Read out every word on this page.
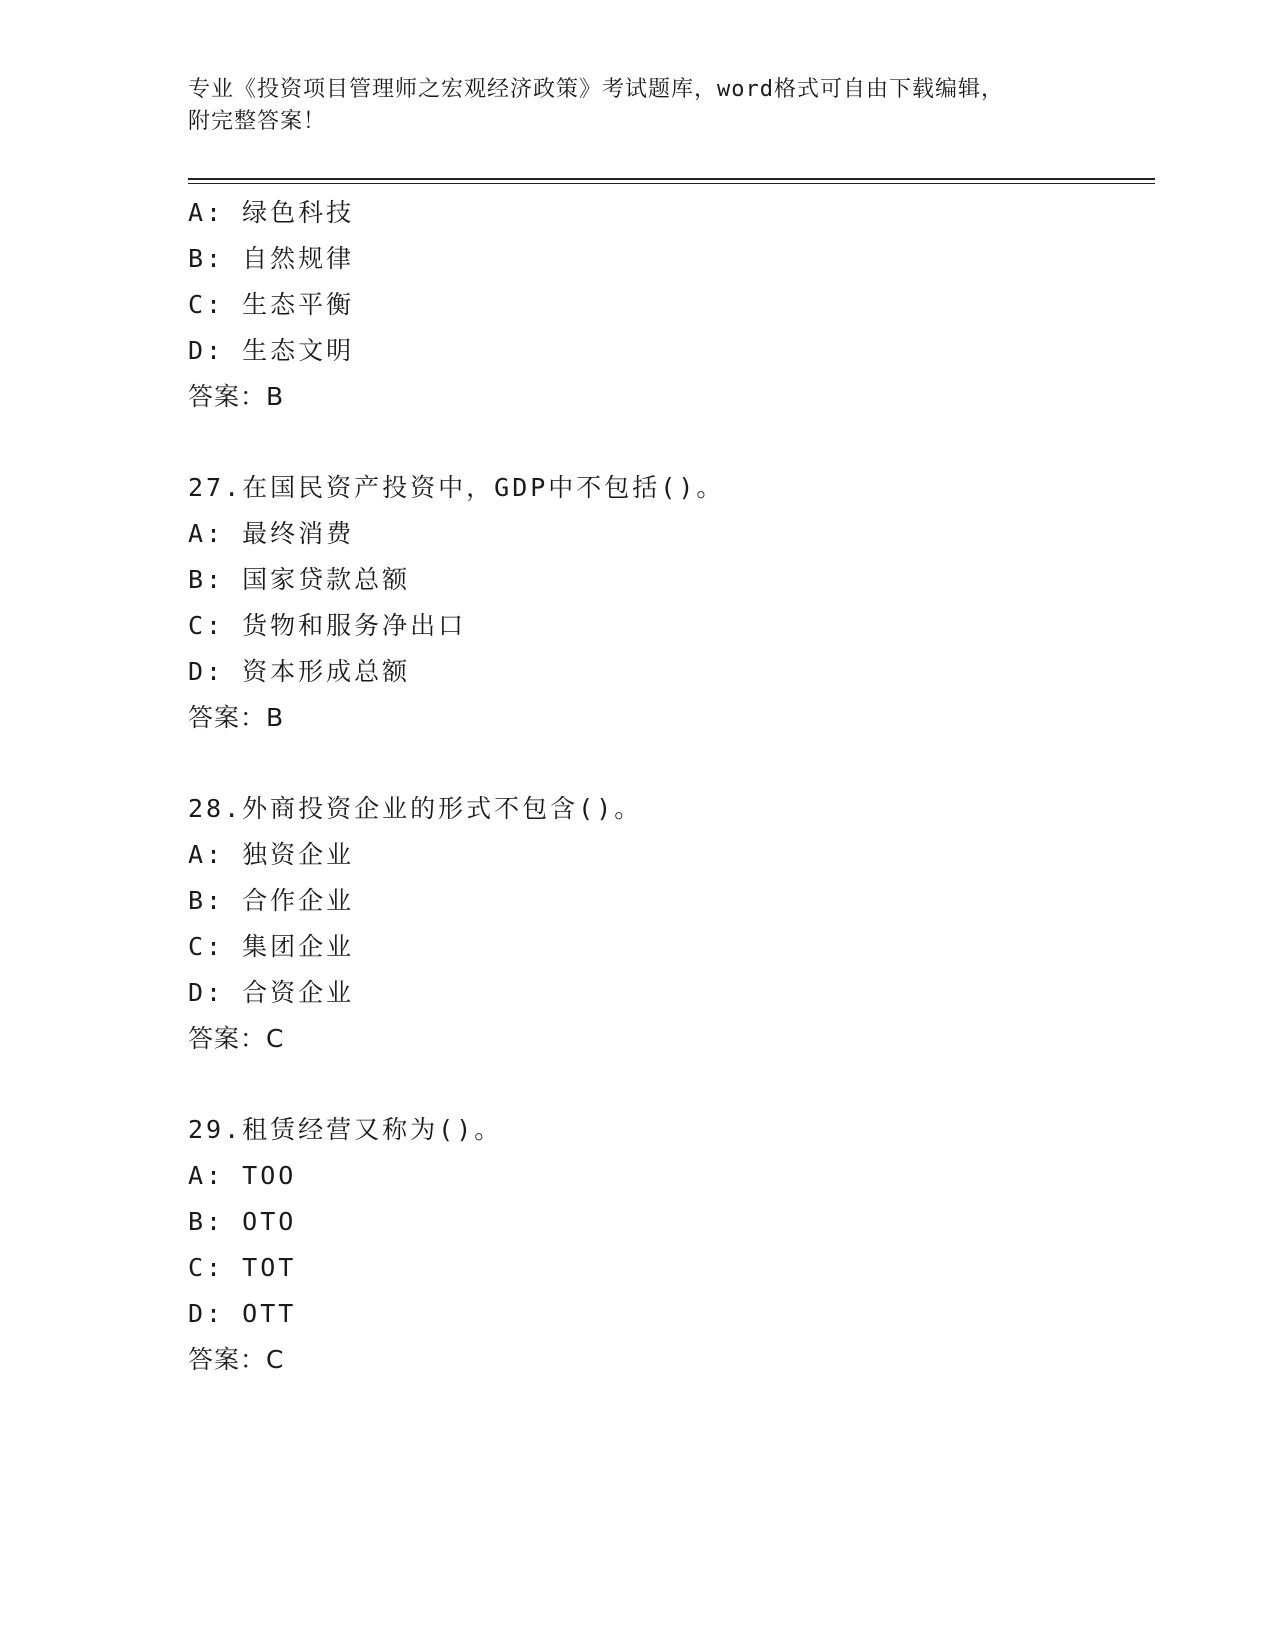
专业《投资项目管理师之宏观经济政策》考试题库，word格式可自由下载编辑，
附完整答案！
A: 绿色科技
B: 自然规律
C: 生态平衡
D: 生态文明
答案：B
27.在国民资产投资中，GDP中不包括()。
A: 最终消费
B: 国家贷款总额
C: 货物和服务净出口
D: 资本形成总额
答案：B
28.外商投资企业的形式不包含()。
A: 独资企业
B: 合作企业
C: 集团企业
D: 合资企业
答案：C
29.租赁经营又称为()。
A: TOO
B: OTO
C: TOT
D: OTT
答案：C
